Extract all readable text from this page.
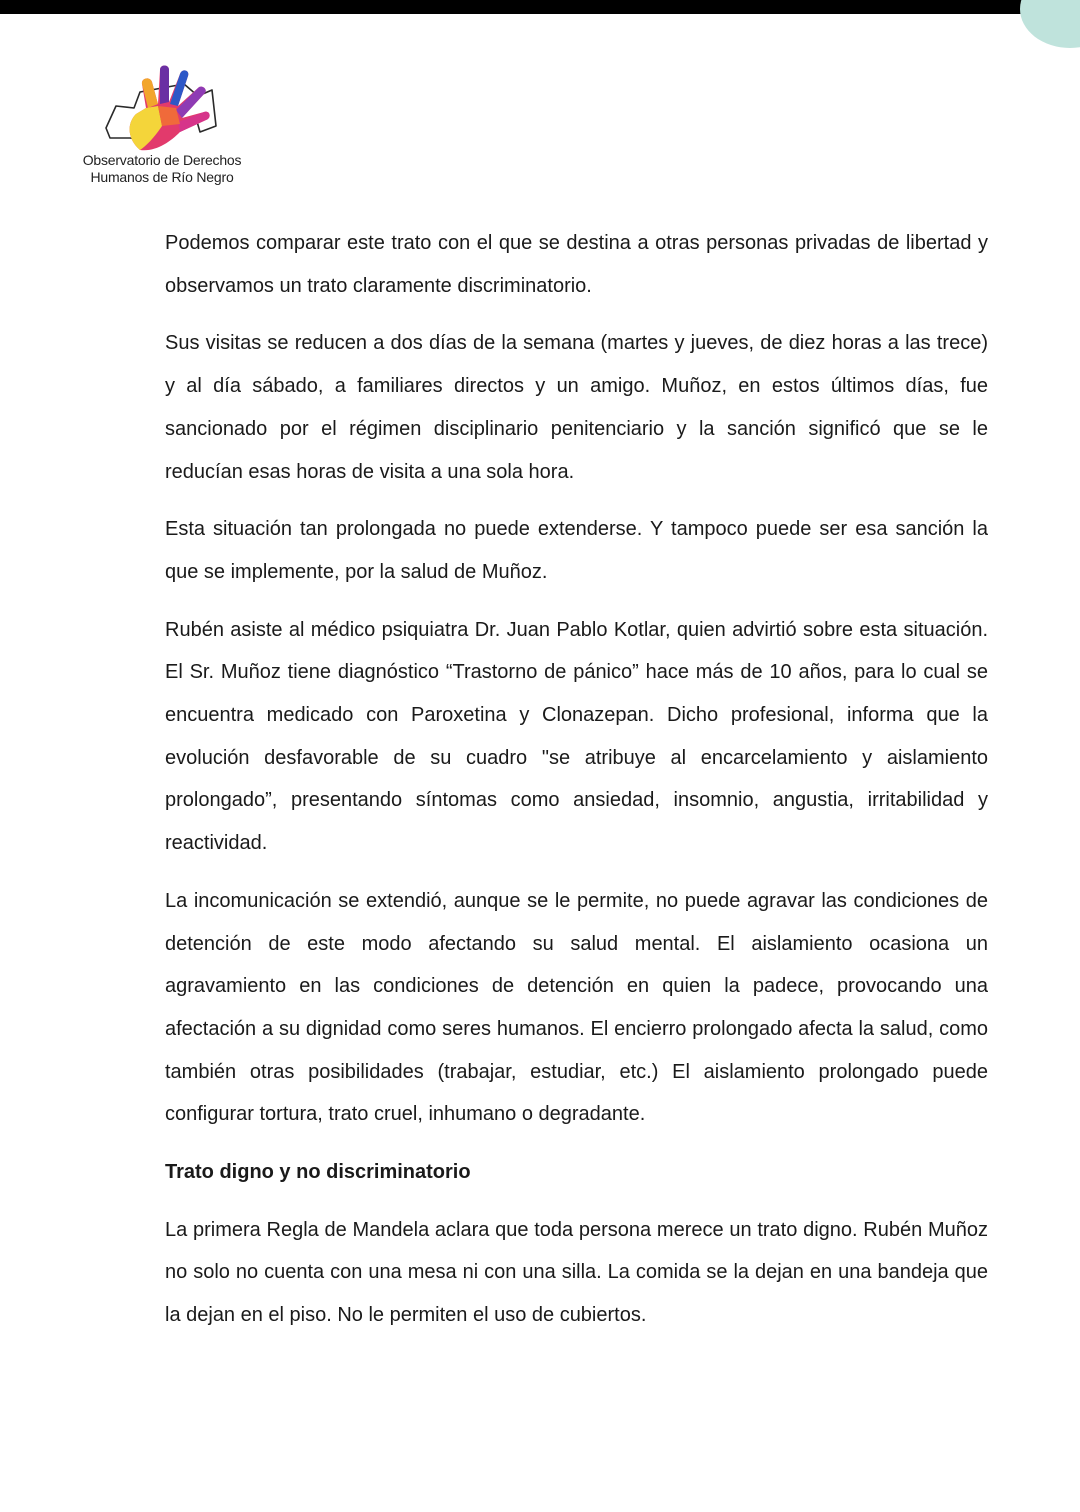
Observatorio de Derechos
Humanos de Río Negro

Podemos comparar este trato con el que se destina a otras personas privadas de libertad y observamos un trato claramente discriminatorio.

Sus visitas se reducen a dos días de la semana (martes y jueves, de diez horas a las trece) y al día sábado, a familiares directos y un amigo. Muñoz, en estos últimos días, fue sancionado por el régimen disciplinario penitenciario y la sanción significó que se le reducían esas horas de visita a una sola hora.

Esta situación tan prolongada no puede extenderse. Y tampoco puede ser esa sanción la que se implemente, por la salud de Muñoz.

Rubén asiste al médico psiquiatra Dr. Juan Pablo Kotlar, quien advirtió sobre esta situación. El Sr. Muñoz tiene diagnóstico “Trastorno de pánico” hace más de 10 años, para lo cual se encuentra medicado con Paroxetina y Clonazepan. Dicho profesional, informa que la evolución desfavorable de su cuadro "se atribuye al encarcelamiento y aislamiento prolongado”, presentando síntomas como ansiedad, insomnio, angustia, irritabilidad y reactividad.

La incomunicación se extendió, aunque se le permite, no puede agravar las condiciones de detención de este modo afectando su salud mental. El aislamiento ocasiona un agravamiento en las condiciones de detención en quien la padece, provocando una afectación a su dignidad como seres humanos. El encierro prolongado afecta la salud, como también otras posibilidades (trabajar, estudiar, etc.) El aislamiento prolongado puede configurar tortura, trato cruel, inhumano o degradante.

Trato digno y no discriminatorio

La primera Regla de Mandela aclara que toda persona merece un trato digno. Rubén Muñoz no solo no cuenta con una mesa ni con una silla. La comida se la dejan en una bandeja que la dejan en el piso. No le permiten el uso de cubiertos.
